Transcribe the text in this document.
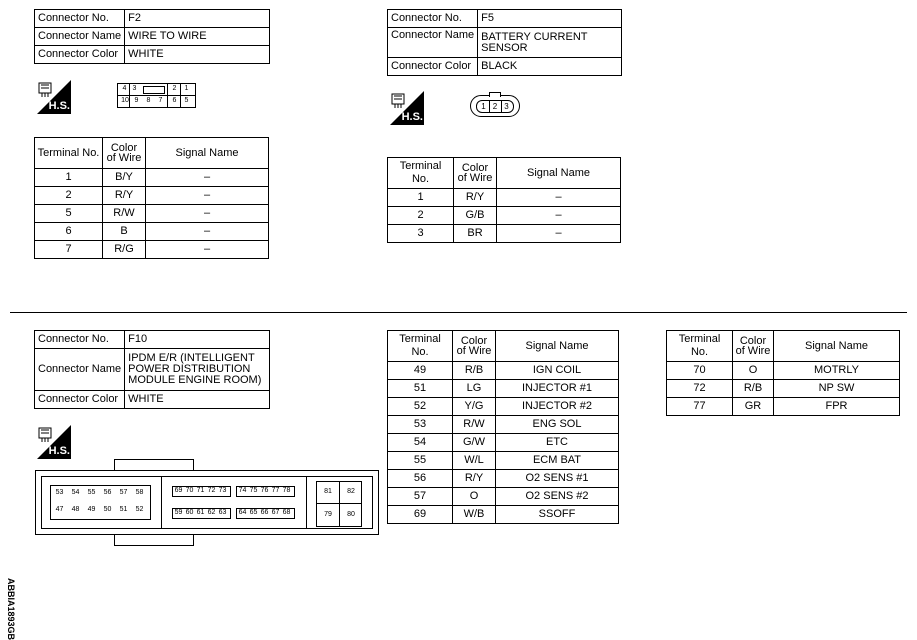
Connector No.	F2
Connector Name	WIRE TO WIRE
Connector Color	WHITE
H.S.
4 3	2	1
10 9	8	7	6	5
Terminal No.	Color of Wire	Signal Name
1	B/Y	–
2	R/Y	–
5	R/W	–
6	B	–
7	R/G	–
Connector No.	F5
Connector Name	BATTERY CURRENT SENSOR
Connector Color	BLACK
H.S.
1 2 3
Terminal No.	Color of Wire	Signal Name
1	R/Y	–
2	G/B	–
3	BR	–
Connector No.	F10
Connector Name	IPDM E/R (INTELLIGENT POWER DISTRIBUTION MODULE ENGINE ROOM)
Connector Color	WHITE
H.S.
53	54	55	56	57	58
47	48	49	50	51	52
69 70 71 72 73 74 75 76 77 78
59 60 61 62 63 64 65 66 67 68
81	82
79	80
Terminal No.	Color of Wire	Signal Name
49	R/B	IGN COIL
51	LG	INJECTOR #1
52	Y/G	INJECTOR #2
53	R/W	ENG SOL
54	G/W	ETC
55	W/L	ECM BAT
56	R/Y	O2 SENS #1
57	O	O2 SENS #2
69	W/B	SSOFF
Terminal No.	Color of Wire	Signal Name
70	O	MOTRLY
72	R/B	NP SW
77	GR	FPR
ABBIA1893GB
